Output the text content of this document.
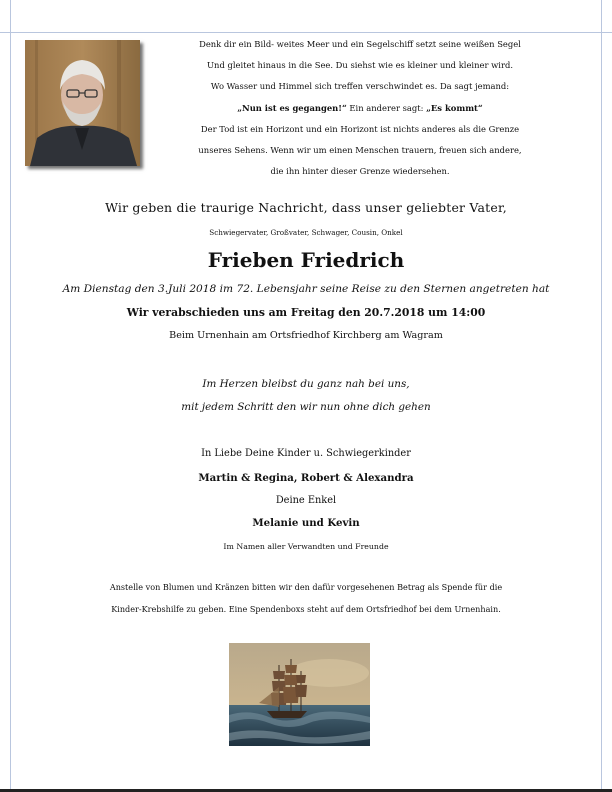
Denk dir ein Bild- weites Meer und ein Segelschiff setzt seine weißen Segel
Und gleitet hinaus in die See. Du siehst wie es kleiner und kleiner wird.
Wo Wasser und Himmel sich treffen verschwindet es. Da sagt jemand:
„Nun ist es gegangen!“ Ein anderer sagt: „Es kommt“
Der Tod ist ein Horizont und ein Horizont ist nichts anderes als die Grenze
unseres Sehens. Wenn wir um einen Menschen trauern, freuen sich andere,
die ihn hinter dieser Grenze wiedersehen.
Wir geben die traurige Nachricht, dass unser geliebter Vater,
Schwiegervater, Großvater, Schwager, Cousin, Onkel
Frieben Friedrich
Am Dienstag den 3.Juli 2018 im 72. Lebensjahr seine Reise zu den Sternen angetreten hat
Wir verabschieden uns am Freitag den 20.7.2018 um 14:00
Beim Urnenhain am Ortsfriedhof Kirchberg am Wagram
Im Herzen bleibst du ganz nah bei uns,
mit jedem Schritt den wir nun ohne dich gehen
In Liebe Deine Kinder u. Schwiegerkinder
Martin & Regina, Robert & Alexandra
Deine Enkel
Melanie und Kevin
Im Namen aller Verwandten und Freunde
Anstelle von Blumen und Kränzen bitten wir den dafür vorgesehenen Betrag als Spende für die
Kinder-Krebshilfe zu geben. Eine Spendenboxs steht auf dem Ortsfriedhof bei dem Urnenhain.
